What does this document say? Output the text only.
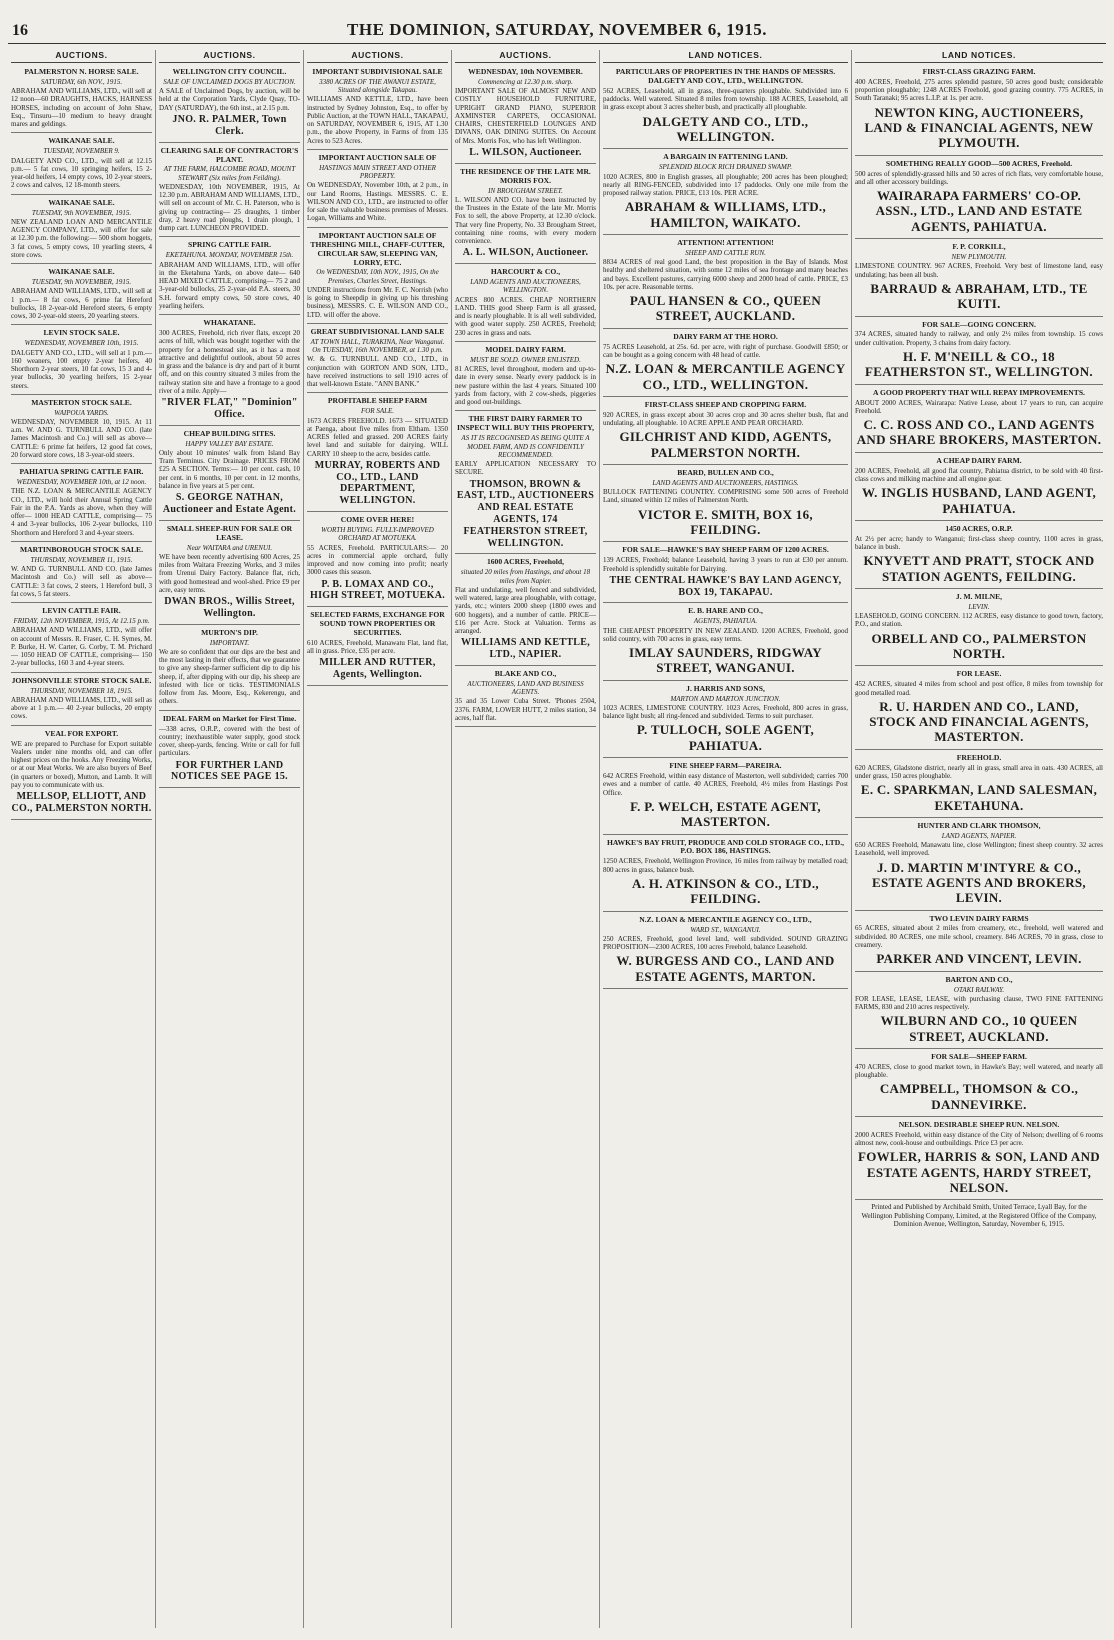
16	THE DOMINION, SATURDAY, NOVEMBER 6, 1915.
AUCTIONS.
PALMERSTON N. HORSE SALE.
SATURDAY, 6th NOV., 1915.
ABRAHAM AND WILLIAMS, LTD., will sell at 12 noon—60 DRAUGHTS, HACKS, HARNESS HORSES, including on account of John Shaw, Esq., Tinsuru—10 medium to heavy draught mares and geldings.
WAIKANAE SALE.
TUESDAY, NOVEMBER 9.
DALGETY AND CO., LTD., will sell at 12.15 p.m.— 5 fat cows, 10 springing heifers, 15 2-year-old heifers, 14 empty cows, 10 2-year steers, 2 cows and calves, 12 18-month steers.
WAIKANAE SALE.
TUESDAY, 9th NOVEMBER, 1915.
NEW ZEALAND LOAN AND MERCANTILE AGENCY COMPANY, LTD., will offer for sale at 12.30 p.m. the following:— 500 shorn hoggets, 3 fat cows, 5 empty cows, 10 yearling steers, 4 store cows.
WAIKANAE SALE.
TUESDAY, 9th NOVEMBER, 1915.
ABRAHAM AND WILLIAMS, LTD., will sell at 1 p.m.— 8 fat cows, 6 prime fat Hereford bullocks, 18 2-year-old Hereford steers, 6 empty cows, 30 2-year-old steers, 20 yearling steers.
LEVIN STOCK SALE.
WEDNESDAY, NOVEMBER 10th, 1915.
DALGETY AND CO., LTD., will sell at 1 p.m.— 160 weaners, 100 empty 2-year heifers, 40 Shorthorn 2-year steers, 10 fat cows, 15 3 and 4-year bullocks, 30 yearling heifers, 15 2-year steers.
MASTERTON STOCK SALE.
WAIPOUA YARDS.
WEDNESDAY, NOVEMBER 10, 1915. At 11 a.m. W. AND G. TURNBULL AND CO. (late James Macintosh and Co.) will sell as above— CATTLE: 6 prime fat heifers, 12 good fat cows, 20 forward store cows, 18 3-year-old steers.
PAHIATUA SPRING CATTLE FAIR.
WEDNESDAY, NOVEMBER 10th, at 12 noon.
THE N.Z. LOAN & MERCANTILE AGENCY CO., LTD., will hold their Annual Spring Cattle Fair in the P.A. Yards as above, when they will offer— 1000 HEAD CATTLE, comprising— 75 4 and 3-year bullocks, 106 2-year bullocks, 110 Shorthorn and Hereford 3 and 4-year steers.
MARTINBOROUGH STOCK SALE.
THURSDAY, NOVEMBER 11, 1915.
W. AND G. TURNBULL AND CO. (late James Macintosh and Co.) will sell as above— CATTLE: 3 fat cows, 2 steers, 1 Hereford bull, 3 fat cows, 5 fat steers.
LEVIN CATTLE FAIR.
FRIDAY, 12th NOVEMBER, 1915, At 12.15 p.m.
ABRAHAM AND WILLIAMS, LTD., will offer on account of Messrs. R. Fraser, C. H. Symes, M. P. Burke, H. W. Carter, G. Corby, T. M. Prichard— 1050 HEAD OF CATTLE, comprising— 150 2-year bullocks, 160 3 and 4-year steers.
JOHNSONVILLE STORE STOCK SALE.
THURSDAY, NOVEMBER 18, 1915.
ABRAHAM AND WILLIAMS, LTD., will sell as above at 1 p.m.— 40 2-year bullocks, 20 empty cows.
VEAL FOR EXPORT.
WE are prepared to Purchase for Export suitable Vealers under nine months old, and can offer highest prices on the hooks. Any Freezing Works, or at our Meat Works. We are also buyers of Beef (in quarters or boxed), Mutton, and Lamb. It will pay you to communicate with us.
MELLSOP, ELLIOTT, AND CO., PALMERSTON NORTH.
AUCTIONS.
WELLINGTON CITY COUNCIL.
SALE OF UNCLAIMED DOGS BY AUCTION.
A SALE of Unclaimed Dogs, by auction, will be held at the Corporation Yards, Clyde Quay, TO-DAY (SATURDAY), the 6th inst., at 2.15 p.m.
JNO. R. PALMER, Town Clerk.
CLEARING SALE OF CONTRACTOR'S PLANT.
AT THE FARM, HALCOMBE ROAD, MOUNT STEWART (Six miles from Feilding).
WEDNESDAY, 10th NOVEMBER, 1915, At 12.30 p.m. ABRAHAM AND WILLIAMS, LTD., will sell on account of Mr. C. H. Paterson, who is giving up contracting— 25 draughts, 1 timber dray, 2 heavy road ploughs, 1 drain plough, 1 dump cart. LUNCHEON PROVIDED.
SPRING CATTLE FAIR.
EKETAHUNA. MONDAY, NOVEMBER 15th.
ABRAHAM AND WILLIAMS, LTD., will offer in the Eketahuna Yards, on above date— 640 HEAD MIXED CATTLE, comprising— 75 2 and 3-year-old bullocks, 25 2-year-old P.A. steers, 30 S.H. forward empty cows, 50 store cows, 40 yearling heifers.
WHAKATANE.
300 ACRES, Freehold, rich river flats, except 20 acres of hill, which was bought together with the property for a homestead site, as it has a most attractive and delightful outlook, about 50 acres in grass and the balance is dry and part of it burnt off, and on this country situated 3 miles from the railway station site and have a frontage to a good river of a mile. Apply—
"RIVER FLAT," "Dominion" Office.
CHEAP BUILDING SITES.
HAPPY VALLEY BAY ESTATE.
Only about 10 minutes' walk from Island Bay Tram Terminus. City Drainage. PRICES FROM £25 A SECTION. Terms:— 10 per cent. cash, 10 per cent. in 6 months, 10 per cent. in 12 months, balance in five years at 5 per cent.
S. GEORGE NATHAN, Auctioneer and Estate Agent.
SMALL SHEEP-RUN FOR SALE OR LEASE.
Near WAITARA and URENUI.
WE have been recently advertising 600 Acres, 25 miles from Waitara Freezing Works, and 3 miles from Urenui Dairy Factory. Balance flat, rich, with good homestead and wool-shed. Price £9 per acre, easy terms.
DWAN BROS., Willis Street, Wellington.
MURTON'S DIP.
IMPORTANT.
We are so confident that our dips are the best and the most lasting in their effects, that we guarantee to give any sheep-farmer sufficient dip to dip his sheep, if, after dipping with our dip, his sheep are infested with lice or ticks. TESTIMONIALS follow from Jas. Moore, Esq., Kekerengu, and others.
IDEAL FARM on Market for First Time.
—338 acres, O.R.P., covered with the best of country; inexhaustible water supply, good stock cover, sheep-yards, fencing. Write or call for full particulars.
FOR FURTHER LAND NOTICES SEE PAGE 15.
AUCTIONS.
IMPORTANT SUBDIVISIONAL SALE
3380 ACRES OF THE AWANUI ESTATE, Situated alongside Takapau.
WILLIAMS AND KETTLE, LTD., have been instructed by Sydney Johnston, Esq., to offer by Public Auction, at the TOWN HALL, TAKAPAU, on SATURDAY, NOVEMBER 6, 1915, AT 1.30 p.m., the above Property, in Farms of from 135 Acres to 523 Acres.
IMPORTANT AUCTION SALE OF
HASTINGS MAIN STREET AND OTHER PROPERTY.
On WEDNESDAY, November 10th, at 2 p.m., in our Land Rooms, Hastings. MESSRS. C. E. WILSON AND CO., LTD., are instructed to offer for sale the valuable business premises of Messrs. Logan, Williams and White.
IMPORTANT AUCTION SALE OF THRESHING MILL, CHAFF-CUTTER, CIRCULAR SAW, SLEEPING VAN, LORRY, ETC.
On WEDNESDAY, 10th NOV., 1915, On the Premises, Charles Street, Hastings.
UNDER instructions from Mr. F. C. Norrish (who is going to Sheepdip in giving up his threshing business), MESSRS. C. E. WILSON AND CO., LTD. will offer the above.
GREAT SUBDIVISIONAL LAND SALE
AT TOWN HALL, TURAKINA, Near Wanganui. On TUESDAY, 16th NOVEMBER, at 1.30 p.m.
W. & G. TURNBULL AND CO., LTD., in conjunction with GORTON AND SON, LTD., have received instructions to sell 1910 acres of that well-known Estate. "ANN BANK."
PROFITABLE SHEEP FARM
FOR SALE.
1673 ACRES FREEHOLD. 1673 — SITUATED at Paenga, about five miles from Eltham. 1350 ACRES felled and grassed. 200 ACRES fairly level land and suitable for dairying. WILL CARRY 10 sheep to the acre, besides cattle.
MURRAY, ROBERTS AND CO., LTD., LAND DEPARTMENT, WELLINGTON.
COME OVER HERE!
WORTH BUYING. FULLY-IMPROVED ORCHARD AT MOTUEKA.
55 ACRES, Freehold. PARTICULARS:— 20 acres in commercial apple orchard, fully improved and now coming into profit; nearly 3000 cases this season.
P. B. LOMAX AND CO., HIGH STREET, MOTUEKA.
SELECTED FARMS, EXCHANGE FOR SOUND TOWN PROPERTIES OR SECURITIES.
610 ACRES, Freehold, Manawatu Flat, land flat, all in grass. Price, £35 per acre.
MILLER AND RUTTER, Agents, Wellington.
AUCTIONS.
WEDNESDAY, 10th NOVEMBER.
Commencing at 12.30 p.m. sharp.
IMPORTANT SALE OF ALMOST NEW AND COSTLY HOUSEHOLD FURNITURE, UPRIGHT GRAND PIANO, SUPERIOR AXMINSTER CARPETS, OCCASIONAL CHAIRS, CHESTERFIELD LOUNGES AND DIVANS, OAK DINING SUITES. On Account of Mrs. Morris Fox, who has left Wellington.
L. WILSON, Auctioneer.
THE RESIDENCE OF THE LATE MR. MORRIS FOX.
IN BROUGHAM STREET.
L. WILSON AND CO. have been instructed by the Trustees in the Estate of the late Mr. Morris Fox to sell, the above Property, at 12.30 o'clock. That very fine Property, No. 33 Brougham Street, containing nine rooms, with every modern convenience.
A. L. WILSON, Auctioneer.
HARCOURT & CO.,
LAND AGENTS AND AUCTIONEERS, WELLINGTON.
ACRES 800 ACRES. CHEAP NORTHERN LAND. THIS good Sheep Farm is all grassed, and is nearly ploughable. It is all well subdivided, with good water supply. 250 ACRES, Freehold; 230 acres in grass and oats.
MODEL DAIRY FARM.
MUST BE SOLD. OWNER ENLISTED.
81 ACRES, level throughout, modern and up-to-date in every sense. Nearly every paddock is in new pasture within the last 4 years. Situated 100 yards from factory, with 2 cow-sheds, piggeries and good out-buildings.
THE FIRST DAIRY FARMER TO INSPECT WILL BUY THIS PROPERTY,
AS IT IS RECOGNISED AS BEING QUITE A MODEL FARM, AND IS CONFIDENTLY RECOMMENDED.
EARLY APPLICATION NECESSARY TO SECURE.
THOMSON, BROWN & EAST, LTD., AUCTIONEERS AND REAL ESTATE AGENTS, 174 FEATHERSTON STREET, WELLINGTON.
1600 ACRES, Freehold,
situated 20 miles from Hastings, and about 18 miles from Napier.
Flat and undulating, well fenced and subdivided, well watered, large area ploughable, with cottage, yards, etc.; winters 2000 sheep (1800 ewes and 600 hoggets), and a number of cattle. PRICE—£16 per Acre. Stock at Valuation. Terms as arranged.
WILLIAMS AND KETTLE, LTD., NAPIER.
BLAKE AND CO.,
AUCTIONEERS, LAND AND BUSINESS AGENTS.
35 and 35 Lower Cuba Street. 'Phones 2504, 2376. FARM, LOWER HUTT, 2 miles station, 34 acres, half flat.
LAND NOTICES.
PARTICULARS OF PROPERTIES IN THE HANDS OF MESSRS. DALGETY AND COY., LTD., WELLINGTON.
562 ACRES, Leasehold, all in grass, three-quarters ploughable. Subdivided into 6 paddocks. Well watered. Situated 8 miles from township. 188 ACRES, Leasehold, all in grass except about 3 acres shelter bush, and practically all ploughable.
DALGETY AND CO., LTD., WELLINGTON.
A BARGAIN IN FATTENING LAND.
SPLENDID BLOCK RICH DRAINED SWAMP.
1020 ACRES, 800 in English grasses, all ploughable; 200 acres has been ploughed; nearly all RING-FENCED, subdivided into 17 paddocks. Only one mile from the proposed railway station. PRICE, £13 10s. PER ACRE.
ABRAHAM & WILLIAMS, LTD., HAMILTON, WAIKATO.
ATTENTION! ATTENTION!
SHEEP AND CATTLE RUN.
8834 ACRES of real good Land, the best proposition in the Bay of Islands. Most healthy and sheltered situation, with some 12 miles of sea frontage and many beaches and bays. Excellent pastures, carrying 6000 sheep and 2000 head of cattle. PRICE, £3 10s. per acre. Reasonable terms.
PAUL HANSEN & CO., QUEEN STREET, AUCKLAND.
DAIRY FARM AT THE HORO.
75 ACRES Leasehold, at 25s. 6d. per acre, with right of purchase. Goodwill £850; or can be bought as a going concern with 48 head of cattle.
N.Z. LOAN & MERCANTILE AGENCY CO., LTD., WELLINGTON.
FIRST-CLASS SHEEP AND CROPPING FARM.
920 ACRES, in grass except about 30 acres crop and 30 acres shelter bush, flat and undulating, all ploughable. 10 ACRE APPLE AND PEAR ORCHARD.
GILCHRIST AND KIDD, AGENTS, PALMERSTON NORTH.
BEARD, BULLEN AND CO.,
LAND AGENTS AND AUCTIONEERS, HASTINGS.
BULLOCK FATTENING COUNTRY. COMPRISING some 500 acres of Freehold Land, situated within 12 miles of Palmerston North.
VICTOR E. SMITH, BOX 16, FEILDING.
FOR SALE—HAWKE'S BAY SHEEP FARM OF 1200 ACRES.
139 ACRES, Freehold; balance Leasehold, having 3 years to run at £30 per annum. Freehold is splendidly suitable for Dairying.
THE CENTRAL HAWKE'S BAY LAND AGENCY, BOX 19, TAKAPAU.
E. B. HARE AND CO.,
AGENTS, PAHIATUA.
THE CHEAPEST PROPERTY IN NEW ZEALAND. 1200 ACRES, Freehold, good solid country, with 700 acres in grass, easy terms.
IMLAY SAUNDERS, RIDGWAY STREET, WANGANUI.
J. HARRIS AND SONS,
MARTON AND MARTON JUNCTION.
1023 ACRES, LIMESTONE COUNTRY. 1023 Acres, Freehold, 800 acres in grass, balance light bush; all ring-fenced and subdivided. Terms to suit purchaser.
P. TULLOCH, SOLE AGENT, PAHIATUA.
FINE SHEEP FARM—PAREIRA.
642 ACRES Freehold, within easy distance of Masterton, well subdivided; carries 700 ewes and a number of cattle. 40 ACRES, Freehold, 4½ miles from Hastings Post Office.
F. P. WELCH, ESTATE AGENT, MASTERTON.
HAWKE'S BAY FRUIT, PRODUCE AND COLD STORAGE CO., LTD., P.O. BOX 186, HASTINGS.
1250 ACRES, Freehold, Wellington Province, 16 miles from railway by metalled road; 800 acres in grass, balance bush.
A. H. ATKINSON & CO., LTD., FEILDING.
N.Z. LOAN & MERCANTILE AGENCY CO., LTD.,
WARD ST., WANGANUI.
250 ACRES, Freehold, good level land, well subdivided. SOUND GRAZING PROPOSITION—2300 ACRES, 100 acres Freehold, balance Leasehold.
W. BURGESS AND CO., LAND AND ESTATE AGENTS, MARTON.
LAND NOTICES.
FIRST-CLASS GRAZING FARM.
400 ACRES, Freehold, 275 acres splendid pasture, 50 acres good bush; considerable proportion ploughable; 1248 ACRES Freehold, good grazing country. 775 ACRES, in South Taranaki; 95 acres L.I.P. at 1s. per acre.
NEWTON KING, AUCTIONEERS, LAND & FINANCIAL AGENTS, NEW PLYMOUTH.
SOMETHING REALLY GOOD—500 ACRES, Freehold.
500 acres of splendidly-grassed hills and 50 acres of rich flats, very comfortable house, and all other accessory buildings.
WAIRARAPA FARMERS' CO-OP. ASSN., LTD., LAND AND ESTATE AGENTS, PAHIATUA.
F. P. CORKILL,
NEW PLYMOUTH.
LIMESTONE COUNTRY. 967 ACRES, Freehold. Very best of limestone land, easy undulating; has been all bush.
BARRAUD & ABRAHAM, LTD., TE KUITI.
FOR SALE—GOING CONCERN.
374 ACRES, situated handy to railway, and only 2½ miles from township. 15 cows under cultivation. Property, 3 chains from dairy factory.
H. F. M'NEILL & CO., 18 FEATHERSTON ST., WELLINGTON.
A GOOD PROPERTY THAT WILL REPAY IMPROVEMENTS.
ABOUT 2000 ACRES, Wairarapa: Native Lease, about 17 years to run, can acquire Freehold.
C. C. ROSS AND CO., LAND AGENTS AND SHARE BROKERS, MASTERTON.
A CHEAP DAIRY FARM.
200 ACRES, Freehold, all good flat country, Pahiatua district, to be sold with 40 first-class cows and milking machine and all engine gear.
W. INGLIS HUSBAND, LAND AGENT, PAHIATUA.
1450 ACRES, O.R.P.
At 2½ per acre; handy to Wanganui; first-class sheep country, 1100 acres in grass, balance in bush.
KNYVETT AND PRATT, STOCK AND STATION AGENTS, FEILDING.
J. M. MILNE,
LEVIN.
LEASEHOLD, GOING CONCERN. 112 ACRES, easy distance to good town, factory, P.O., and station.
ORBELL AND CO., PALMERSTON NORTH.
FOR LEASE.
452 ACRES, situated 4 miles from school and post office, 8 miles from township for good metalled road.
R. U. HARDEN AND CO., LAND, STOCK AND FINANCIAL AGENTS, MASTERTON.
FREEHOLD.
620 ACRES, Gladstone district, nearly all in grass, small area in oats. 430 ACRES, all under grass, 150 acres ploughable.
E. C. SPARKMAN, LAND SALESMAN, EKETAHUNA.
HUNTER AND CLARK THOMSON,
LAND AGENTS, NAPIER.
650 ACRES Freehold, Manawatu line, close Wellington; finest sheep country. 32 acres Leasehold, well improved.
J. D. MARTIN M'INTYRE & CO., ESTATE AGENTS AND BROKERS, LEVIN.
TWO LEVIN DAIRY FARMS
65 ACRES, situated about 2 miles from creamery, etc., freehold, well watered and subdivided. 80 ACRES, one mile school, creamery. 846 ACRES, 70 in grass, close to creamery.
PARKER AND VINCENT, LEVIN.
BARTON AND CO.,
OTAKI RAILWAY.
FOR LEASE, LEASE, LEASE, with purchasing clause, TWO FINE FATTENING FARMS, 830 and 210 acres respectively.
WILBURN AND CO., 10 QUEEN STREET, AUCKLAND.
FOR SALE—SHEEP FARM.
470 ACRES, close to good market town, in Hawke's Bay; well watered, and nearly all ploughable.
CAMPBELL, THOMSON & CO., DANNEVIRKE.
NELSON. DESIRABLE SHEEP RUN. NELSON.
2000 ACRES Freehold, within easy distance of the City of Nelson; dwelling of 6 rooms almost new, cook-house and outbuildings. Price £3 per acre.
FOWLER, HARRIS & SON, LAND AND ESTATE AGENTS, HARDY STREET, NELSON.
Printed and Published by Archibald Smith, United Terrace, Lyall Bay, for the Wellington Publishing Company, Limited, at the Registered Office of the Company, Dominion Avenue, Wellington, Saturday, November 6, 1915.
